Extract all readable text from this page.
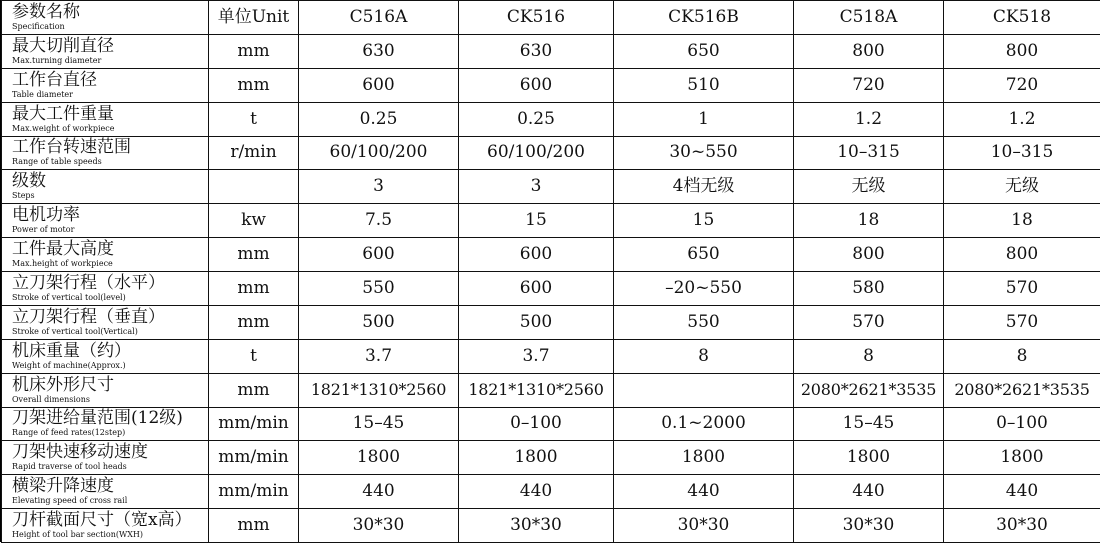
参数名称
Specification	单位Unit	C516A	CK516	CK516B	C518A	CK518

最大切削直径
Max.turning diameter	mm	630	630	650	800	800

工作台直径
Table diameter	mm	600	600	510	720	720

最大工件重量
Max.weight of workpiece	t	0.25	0.25	1	1.2	1.2

工作台转速范围
Range of table speeds	r/min	60/100/200	60/100/200	30~550	10–315	10–315

级数
Steps		3	3	4档无级	无级	无级

电机功率
Power of motor	kw	7.5	15	15	18	18

工件最大高度
Max.height of workpiece	mm	600	600	650	800	800

立刀架行程（水平）
Stroke of vertical tool(level)	mm	550	600	–20~550	580	570

立刀架行程（垂直）
Stroke of vertical tool(Vertical)	mm	500	500	550	570	570

机床重量（约）
Weight of machine(Approx.)	t	3.7	3.7	8	8	8

机床外形尺寸
Overall dimensions	mm	1821*1310*2560	1821*1310*2560		2080*2621*3535	2080*2621*3535

刀架进给量范围(12级)
Range of feed rates(12step)	mm/min	15–45	0–100	0.1~2000	15–45	0–100

刀架快速移动速度
Rapid traverse of tool heads	mm/min	1800	1800	1800	1800	1800

横梁升降速度
Elevating speed of cross rail	mm/min	440	440	440	440	440

刀杆截面尺寸（宽x高）
Height of tool bar section(WXH)	mm	30*30	30*30	30*30	30*30	30*30
